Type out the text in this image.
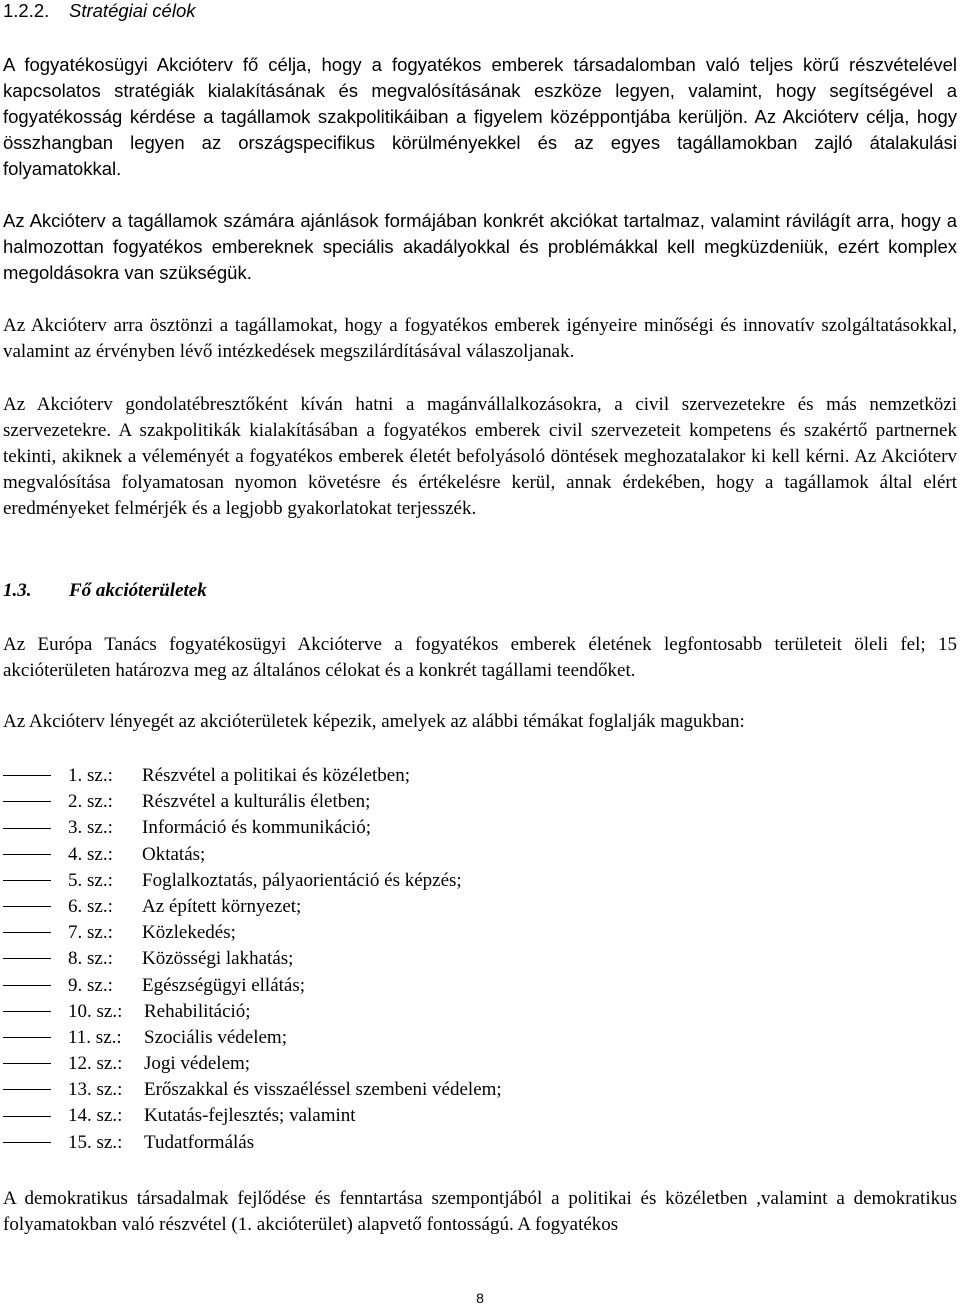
1.2.2. Stratégiai célok

A fogyatékosügyi Akcióterv fő célja, hogy a fogyatékos emberek társadalomban való teljes körű részvételével kapcsolatos stratégiák kialakításának és megvalósításának eszköze legyen, valamint, hogy segítségével a fogyatékosság kérdése a tagállamok szakpolitikáiban a figyelem középpontjába kerüljön. Az Akcióterv célja, hogy összhangban legyen az országspecifikus körülményekkel és az egyes tagállamokban zajló átalakulási folyamatokkal.

Az Akcióterv a tagállamok számára ajánlások formájában konkrét akciókat tartalmaz, valamint rávilágít arra, hogy a halmozottan fogyatékos embereknek speciális akadályokkal és problémákkal kell megküzdeniük, ezért komplex megoldásokra van szükségük.

Az Akcióterv arra ösztönzi a tagállamokat, hogy a fogyatékos emberek igényeire minőségi és innovatív szolgáltatásokkal, valamint az érvényben lévő intézkedések megszilárdításával válaszoljanak.

Az Akcióterv gondolatébresztőként kíván hatni a magánvállalkozásokra, a civil szervezetekre és más nemzetközi szervezetekre. A szakpolitikák kialakításában a fogyatékos emberek civil szervezeteit kompetens és szakértő partnernek tekinti, akiknek a véleményét a fogyatékos emberek életét befolyásoló döntések meghozatalakor ki kell kérni. Az Akcióterv megvalósítása folyamatosan nyomon követésre és értékelésre kerül, annak érdekében, hogy a tagállamok által elért eredményeket felmérjék és a legjobb gyakorlatokat terjesszék.

1.3. Fő akcióterületek

Az Európa Tanács fogyatékosügyi Akcióterve a fogyatékos emberek életének legfontosabb területeit öleli fel; 15 akcióterületen határozva meg az általános célokat és a konkrét tagállami teendőket.

Az Akcióterv lényegét az akcióterületek képezik, amelyek az alábbi témákat foglalják magukban:

1. sz.: Részvétel a politikai és közéletben;
2. sz.: Részvétel a kulturális életben;
3. sz.: Információ és kommunikáció;
4. sz.: Oktatás;
5. sz.: Foglalkoztatás, pályaorientáció és képzés;
6. sz.: Az épített környezet;
7. sz.: Közlekedés;
8. sz.: Közösségi lakhatás;
9. sz.: Egészségügyi ellátás;
10. sz.: Rehabilitáció;
11. sz.: Szociális védelem;
12. sz.: Jogi védelem;
13. sz.: Erőszakkal és visszaéléssel szembeni védelem;
14. sz.: Kutatás-fejlesztés; valamint
15. sz.: Tudatformálás

A demokratikus társadalmak fejlődése és fenntartása szempontjából a politikai és közéletben ,valamint a demokratikus folyamatokban való részvétel (1. akcióterület) alapvető fontosságú. A fogyatékos

8
